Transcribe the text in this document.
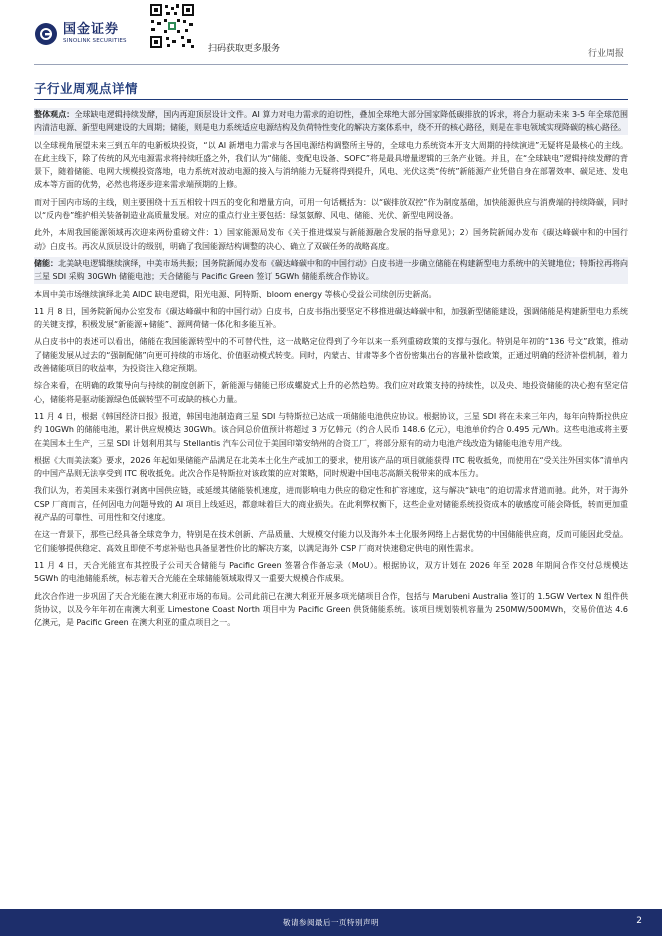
国金证券
SINOLINK SECURITIES
扫码获取更多服务	行业周报
子行业周观点详情
整体观点：全球缺电逻辑持续发酵，国内再迎顶层设计文件。AI 算力对电力需求的迫切性，叠加全球绝大部分国家降低碳排放的诉求，将合力驱动未来 3-5 年全球范围内清洁电源、新型电网建设的大周期；储能，则是电力系统适应电源结构及负荷特性变化的解决方案体系中，绕不开的核心路径，则是在非电领域实现降碳的核心路径。
以全球视角展望未来三到五年的电新板块投资，“以 AI 新增电力需求与各国电源结构调整所主导的，全球电力系统资本开支大周期的持续演进”无疑将是最核心的主线。在此主线下，除了传统的风光电源需求将持续旺盛之外，我们认为“储能、变配电设备、SOFC”将是最具增量逻辑的三条产业链。并且，在“全球缺电”逻辑持续发酵的背景下，随着储能、电网大规模投资落地，电力系统对波动电源的接入与消纳能力无疑将得到提升，风电、光伏这类“传统”新能源产业凭借自身在部署效率、碳足迹、发电成本等方面的优势，必然也将逐步迎来需求端预期的上修。
而对于国内市场的主线，则主要围绕十五五相较十四五的变化和增量方向，可用一句话概括为：以“碳排放双控”作为制度基础，加快能源供应与消费端的持续降碳，同时以“反内卷”维护相关装备制造业高质量发展。对应的重点行业主要包括：绿氢氨醇、风电、储能、光伏、新型电网设备。
此外，本周我国能源领域再次迎来两份重磅文件：1）国家能源局发布《关于推进煤炭与新能源融合发展的指导意见》；2）国务院新闻办发布《碳达峰碳中和的中国行动》白皮书。再次从顶层设计的级别，明确了我国能源结构调整的决心、确立了双碳任务的战略高度。
储能：北美缺电逻辑继续演绎，中美市场共振；国务院新闻办发布《碳达峰碳中和的中国行动》白皮书进一步确立储能在构建新型电力系统中的关键地位；特斯拉再将向三星 SDI 采购 30GWh 储能电池；天合储能与 Pacific Green 签订 5GWh 储能系统合作协议。
本周中美市场继续演绎北美 AIDC 缺电逻辑，阳光电源、阿特斯、bloom energy 等核心受益公司续创历史新高。
11 月 8 日，国务院新闻办公室发布《碳达峰碳中和的中国行动》白皮书，白皮书指出要坚定不移推进碳达峰碳中和，加强新型储能建设，强调储能是构建新型电力系统的关键支撑，积极发展“新能源+储能”、源网荷储一体化和多能互补。
从白皮书中的表述可以看出，储能在我国能源转型中的不可替代性，这一战略定位得到了今年以来一系列重磅政策的支撑与强化。特别是年初的“136 号文”政策，推动了储能发展从过去的“强制配储”向更可持续的市场化、价值驱动模式转变。同时，内蒙古、甘肃等多个省份密集出台的容量补偿政策，正通过明确的经济补偿机制，着力改善储能项目的收益率，为投资注入稳定预期。
综合来看，在明确的政策导向与持续的制度创新下，新能源与储能已形成螺旋式上升的必然趋势。我们应对政策支持的持续性，以及央、地投资储能的决心抱有坚定信心，储能将是驱动能源绿色低碳转型不可或缺的核心力量。
11 月 4 日，根据《韩国经济日报》报道，韩国电池制造商三星 SDI 与特斯拉已达成一项储能电池供应协议。根据协议，三星 SDI 将在未来三年内，每年向特斯拉供应约 10GWh 的储能电池，累计供应规模达 30GWh。该合同总价值预计将超过 3 万亿韩元（约合人民币 148.6 亿元），电池单价约合 0.495 元/Wh。这些电池或将主要在美国本土生产，三星 SDI 计划利用其与 Stellantis 汽车公司位于美国印第安纳州的合资工厂，将部分原有的动力电池产线改造为储能电池专用产线。
根据《大而美法案》要求，2026 年起如果储能产品满足在北美本土化生产或加工的要求，使用该产品的项目就能获得 ITC 税收抵免，而使用在“受关注外国实体”清单内的中国产品则无法享受到 ITC 税收抵免。此次合作是特斯拉对该政策的应对策略，同时规避中国电芯高额关税带来的成本压力。
我们认为，若美国未来强行剥离中国供应链，或延缓其储能装机速度，进而影响电力供应的稳定性和扩容速度，这与解决“缺电”的迫切需求背道而驰。此外，对于海外 CSP 厂商而言，任何因电力问题导致的 AI 项目上线延迟，都意味着巨大的商业损失。在此利弊权衡下，这些企业对储能系统投资成本的敏感度可能会降低，转而更加重视产品的可靠性、可用性和交付速度。
在这一背景下，那些已经具备全球竞争力，特别是在技术创新、产品质量、大规模交付能力以及海外本土化服务网络上占据优势的中国储能供应商，反而可能因此受益。它们能够提供稳定、高效且即使不考虑补贴也具备显著性价比的解决方案，以满足海外 CSP 厂商对快速稳定供电的刚性需求。
11 月 4 日，天合光能宣布其控股子公司天合储能与 Pacific Green 签署合作备忘录（MoU）。根据协议，双方计划在 2026 年至 2028 年期间合作交付总规模达 5GWh 的电池储能系统，标志着天合光能在全球储能领域取得又一重要大规模合作成果。
此次合作进一步巩固了天合光能在澳大利亚市场的布局。公司此前已在澳大利亚开展多项光储项目合作，包括与 Marubeni Australia 签订的 1.5GW Vertex N 组件供货协议，以及今年年初在南澳大利亚 Limestone Coast North 项目中为 Pacific Green 供货储能系统。该项目规划装机容量为 250MW/500MWh，交易价值达 4.6 亿澳元，是 Pacific Green 在澳大利亚的重点项目之一。
敬请参阅最后一页特别声明	2
